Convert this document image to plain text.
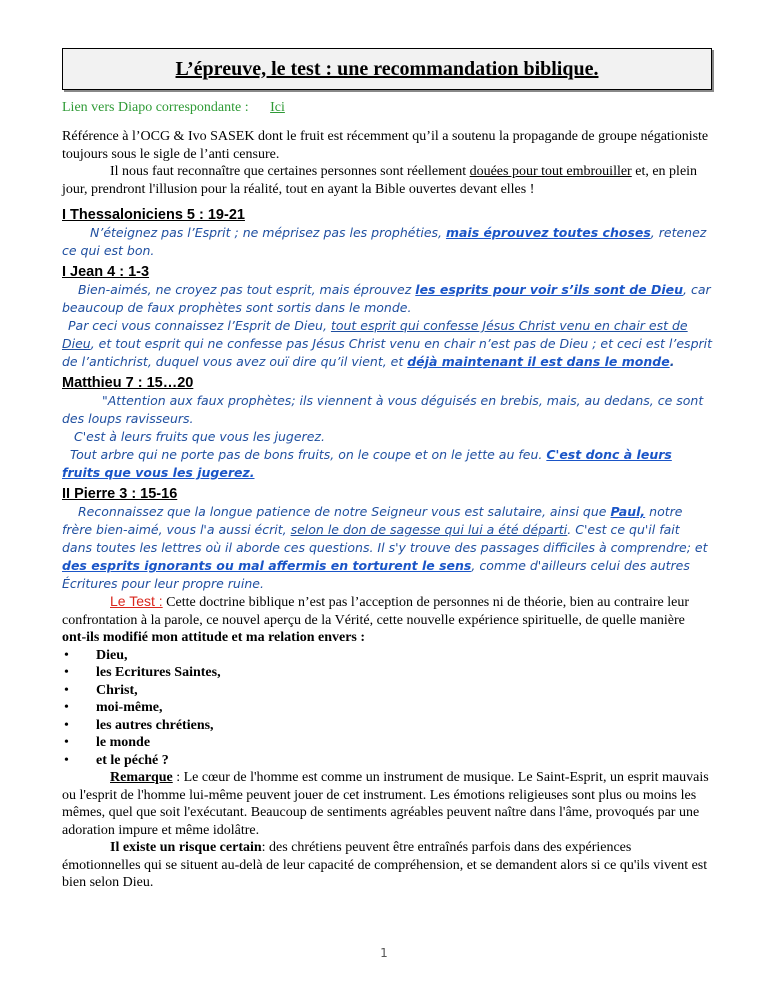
L’épreuve, le test : une recommandation biblique.
Lien vers Diapo correspondante : Ici

Référence à l’OCG & Ivo SASEK dont le fruit est récemment qu’il a soutenu la propagande de groupe négationiste toujours sous le sigle de l’anti censure.

Il nous faut reconnaître que certaines personnes sont réellement douées pour tout embrouiller et, en plein jour, prendront l'illusion pour la réalité, tout en ayant la Bible ouvertes devant elles !

I Thessaloniciens 5 : 19-21

N’éteignez pas l’Esprit ; ne méprisez pas les prophéties, mais éprouvez toutes choses, retenez ce qui est bon.

I Jean 4 : 1-3

Bien-aimés, ne croyez pas tout esprit, mais éprouvez les esprits pour voir s’ils sont de Dieu, car beaucoup de faux prophètes sont sortis dans le monde.

Par ceci vous connaissez l’Esprit de Dieu, tout esprit qui confesse Jésus Christ venu en chair est de Dieu, et tout esprit qui ne confesse pas Jésus Christ venu en chair n’est pas de Dieu ; et ceci est l’esprit de l’antichrist, duquel vous avez ouï dire qu’il vient, et déjà maintenant il est dans le monde.

Matthieu 7 : 15…20

"Attention aux faux prophètes; ils viennent à vous déguisés en brebis, mais, au dedans, ce sont des loups ravisseurs.

C'est à leurs fruits que vous les jugerez.

Tout arbre qui ne porte pas de bons fruits, on le coupe et on le jette au feu. C'est donc à leurs fruits que vous les jugerez.

II Pierre 3 : 15-16

Reconnaissez que la longue patience de notre Seigneur vous est salutaire, ainsi que Paul, notre frère bien-aimé, vous l'a aussi écrit, selon le don de sagesse qui lui a été départi. C'est ce qu'il fait dans toutes les lettres où il aborde ces questions. Il s'y trouve des passages difficiles à comprendre; et des esprits ignorants ou mal affermis en torturent le sens, comme d'ailleurs celui des autres Écritures pour leur propre ruine.

Le Test : Cette doctrine biblique n’est pas l’acception de personnes ni de théorie, bien au contraire leur confrontation à la parole, ce nouvel aperçu de la Vérité, cette nouvelle expérience spirituelle, de quelle manière ont-ils modifié mon attitude et ma relation envers :

• Dieu,
• les Ecritures Saintes,
• Christ,
• moi-même,
• les autres chrétiens,
• le monde
• et le péché ?

Remarque : Le cœur de l'homme est comme un instrument de musique. Le Saint-Esprit, un esprit mauvais ou l'esprit de l'homme lui-même peuvent jouer de cet instrument. Les émotions religieuses sont plus ou moins les mêmes, quel que soit l'exécutant. Beaucoup de sentiments agréables peuvent naître dans l'âme, provoqués par une adoration impure et même idolâtre.

Il existe un risque certain: des chrétiens peuvent être entraînés parfois dans des expériences émotionnelles qui se situent au-delà de leur capacité de compréhension, et se demandent alors si ce qu'ils vivent est bien selon Dieu.

1
